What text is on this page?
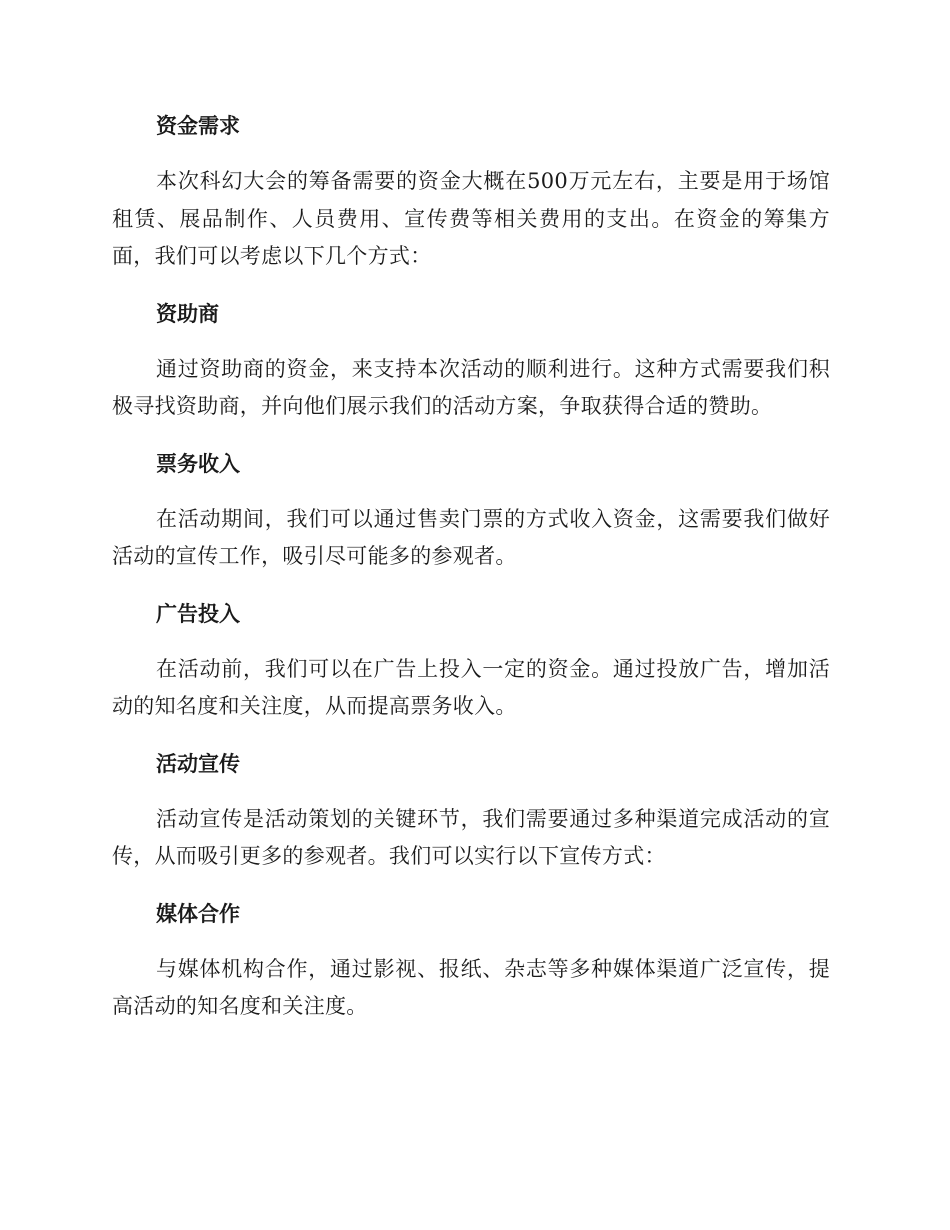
资金需求

本次科幻大会的筹备需要的资金大概在500万元左右，主要是用于场馆租赁、展品制作、人员费用、宣传费等相关费用的支出。在资金的筹集方面，我们可以考虑以下几个方式：

资助商

通过资助商的资金，来支持本次活动的顺利进行。这种方式需要我们积极寻找资助商，并向他们展示我们的活动方案，争取获得合适的赞助。

票务收入

在活动期间，我们可以通过售卖门票的方式收入资金，这需要我们做好活动的宣传工作，吸引尽可能多的参观者。

广告投入

在活动前，我们可以在广告上投入一定的资金。通过投放广告，增加活动的知名度和关注度，从而提高票务收入。

活动宣传

活动宣传是活动策划的关键环节，我们需要通过多种渠道完成活动的宣传，从而吸引更多的参观者。我们可以实行以下宣传方式：

媒体合作

与媒体机构合作，通过影视、报纸、杂志等多种媒体渠道广泛宣传，提高活动的知名度和关注度。
